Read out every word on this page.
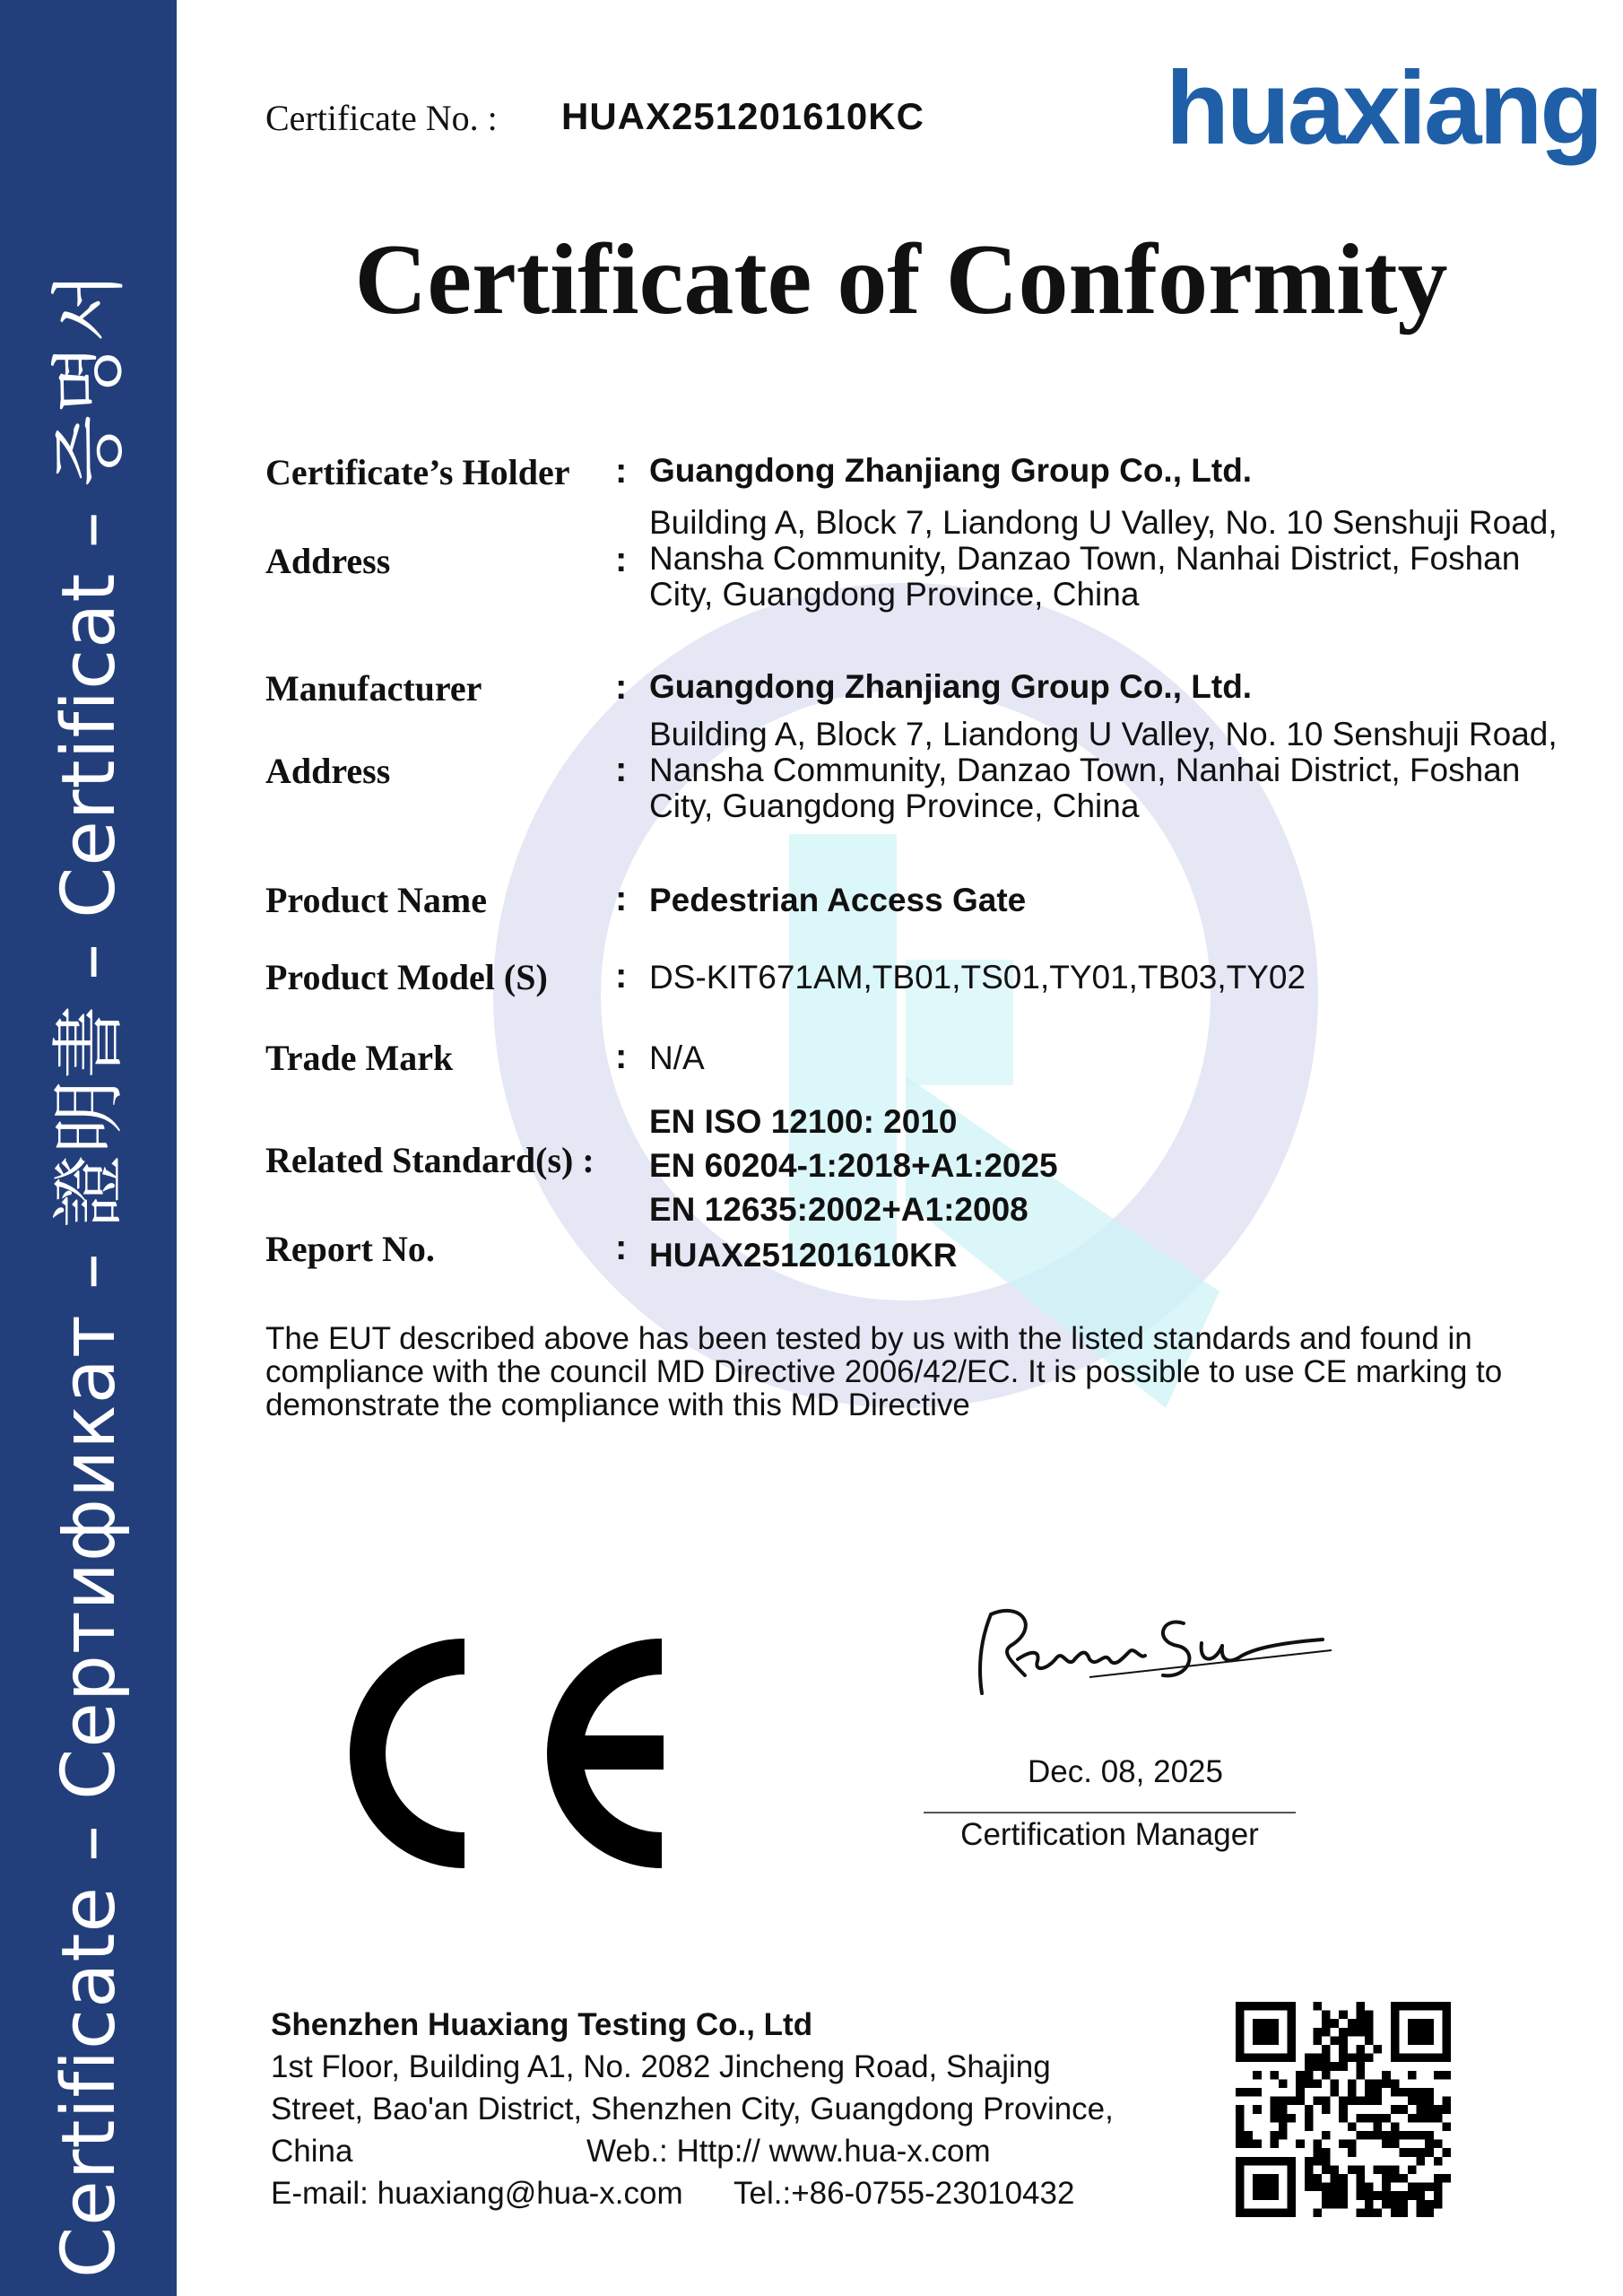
Certificate – Сертификат – 證明書 – Certificat – 증명서
Certificate No. : HUAX251201610KC huaxiang
Certificate of Conformity
Certificate’s Holder : Guangdong Zhanjiang Group Co., Ltd.
Address	:
Building A, Block 7, Liandong U Valley, No. 10 Senshuji Road,
Nansha Community, Danzao Town, Nanhai District, Foshan
City, Guangdong Province, China
Manufacturer	: Guangdong Zhanjiang Group Co., Ltd.
Address	:
Building A, Block 7, Liandong U Valley, No. 10 Senshuji Road,
Nansha Community, Danzao Town, Nanhai District, Foshan
City, Guangdong Province, China
Product Name	: Pedestrian Access Gate
Product Model (S) : DS-KIT671AM,TB01,TS01,TY01,TB03,TY02
Trade Mark	: N/A
Related Standard(s) :
EN ISO 12100: 2010
EN 60204-1:2018+A1:2025
EN 12635:2002+A1:2008
Report No.	: HUAX251201610KR
The EUT described above has been tested by us with the listed standards and found in
compliance with the council MD Directive 2006/42/EC. It is possible to use CE marking to
demonstrate the compliance with this MD Directive
Dec. 08, 2025
Certification Manager
Shenzhen Huaxiang Testing Co., Ltd
1st Floor, Building A1, No. 2082 Jincheng Road, Shajing
Street, Bao'an District, Shenzhen City, Guangdong Province,
China	Web.: Http:// www.hua-x.com
E-mail: huaxiang@hua-x.com Tel.:+86-0755-23010432
